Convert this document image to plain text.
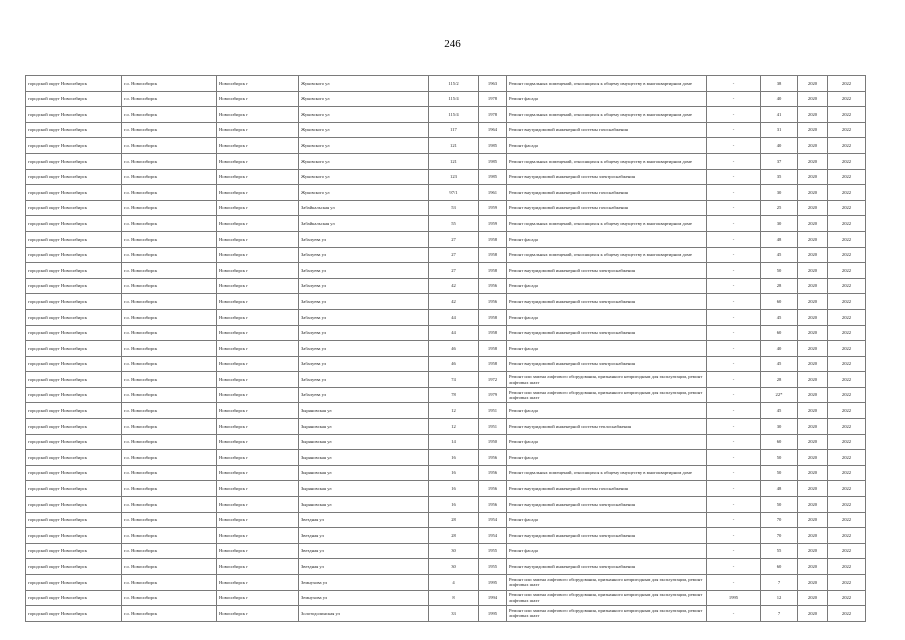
246
городской округ Новосибирск	г.о. Новосибирск	Новосибирск г	Жуковского ул	115/2	1963	Ремонт подвальных помещений, относящихся к общему имуществу в многоквартирном доме	-	38	2020	2022
городской округ Новосибирск	г.о. Новосибирск	Новосибирск г	Жуковского ул	115/4	1978	Ремонт фасада	-	40	2020	2022
городской округ Новосибирск	г.о. Новосибирск	Новосибирск г	Жуковского ул	115/4	1978	Ремонт подвальных помещений, относящихся к общему имуществу в многоквартирном доме	-	41	2020	2022
городской округ Новосибирск	г.о. Новосибирск	Новосибирск г	Жуковского ул	117	1964	Ремонт внутридомовой инженерной системы газоснабжения	-	31	2020	2022
городской округ Новосибирск	г.о. Новосибирск	Новосибирск г	Жуковского ул	121	1985	Ремонт фасада	-	40	2020	2022
городской округ Новосибирск	г.о. Новосибирск	Новосибирск г	Жуковского ул	121	1985	Ремонт подвальных помещений, относящихся к общему имуществу в многоквартирном доме	-	37	2020	2022
городской округ Новосибирск	г.о. Новосибирск	Новосибирск г	Жуковского ул	123	1985	Ремонт внутридомовой инженерной системы электроснабжения	-	35	2020	2022
городской округ Новосибирск	г.о. Новосибирск	Новосибирск г	Жуковского ул	97/1	1961	Ремонт внутридомовой инженерной системы газоснабжения	-	30	2020	2022
городской округ Новосибирск	г.о. Новосибирск	Новосибирск г	Забайкальская ул	53	1959	Ремонт внутридомовой инженерной системы газоснабжения	-	25	2020	2022
городской округ Новосибирск	г.о. Новосибирск	Новосибирск г	Забайкальская ул	55	1959	Ремонт подвальных помещений, относящихся к общему имуществу в многоквартирном доме	-	30	2020	2022
городской округ Новосибирск	г.о. Новосибирск	Новосибирск г	Забалуева ул	27	1958	Ремонт фасада	-	48	2020	2022
городской округ Новосибирск	г.о. Новосибирск	Новосибирск г	Забалуева ул	27	1958	Ремонт подвальных помещений, относящихся к общему имуществу в многоквартирном доме	-	45	2020	2022
городской округ Новосибирск	г.о. Новосибирск	Новосибирск г	Забалуева ул	27	1958	Ремонт внутридомовой инженерной системы электроснабжения	-	50	2020	2022
городской округ Новосибирск	г.о. Новосибирск	Новосибирск г	Забалуева ул	42	1956	Ремонт фасада	-	28	2020	2022
городской округ Новосибирск	г.о. Новосибирск	Новосибирск г	Забалуева ул	42	1956	Ремонт внутридомовой инженерной системы электроснабжения	-	60	2020	2022
городской округ Новосибирск	г.о. Новосибирск	Новосибирск г	Забалуева ул	44	1958	Ремонт фасада	-	45	2020	2022
городской округ Новосибирск	г.о. Новосибирск	Новосибирск г	Забалуева ул	44	1958	Ремонт внутридомовой инженерной системы электроснабжения	-	60	2020	2022
городской округ Новосибирск	г.о. Новосибирск	Новосибирск г	Забалуева ул	46	1958	Ремонт фасада	-	40	2020	2022
городской округ Новосибирск	г.о. Новосибирск	Новосибирск г	Забалуева ул	46	1958	Ремонт внутридомовой инженерной системы электроснабжения	-	45	2020	2022
городской округ Новосибирск	г.о. Новосибирск	Новосибирск г	Забалуева ул	74	1972	Ремонт или замена лифтового оборудования, признанного непригодным для эксплуатации, ремонт лифтовых шахт	-	28	2020	2022
городской округ Новосибирск	г.о. Новосибирск	Новосибирск г	Забалуева ул	78	1979	Ремонт или замена лифтового оборудования, признанного непригодным для эксплуатации, ремонт лифтовых шахт	-	22*	2020	2022
городской округ Новосибирск	г.о. Новосибирск	Новосибирск г	Зыряновская ул	12	1951	Ремонт фасада	-	45	2020	2022
городской округ Новосибирск	г.о. Новосибирск	Новосибирск г	Зыряновская ул	12	1951	Ремонт внутридомовой инженерной системы теплоснабжения	-	30	2020	2022
городской округ Новосибирск	г.о. Новосибирск	Новосибирск г	Зыряновская ул	14	1950	Ремонт фасада	-	60	2020	2022
городской округ Новосибирск	г.о. Новосибирск	Новосибирск г	Зыряновская ул	16	1956	Ремонт фасада	-	50	2020	2022
городской округ Новосибирск	г.о. Новосибирск	Новосибирск г	Зыряновская ул	16	1956	Ремонт подвальных помещений, относящихся к общему имуществу в многоквартирном доме	-	50	2020	2022
городской округ Новосибирск	г.о. Новосибирск	Новосибирск г	Зыряновская ул	16	1956	Ремонт внутридомовой инженерной системы газоснабжения	-	48	2020	2022
городской округ Новосибирск	г.о. Новосибирск	Новосибирск г	Зыряновская ул	16	1956	Ремонт внутридомовой инженерной системы электроснабжения	-	50	2020	2022
городской округ Новосибирск	г.о. Новосибирск	Новосибирск г	Звездная ул	28	1954	Ремонт фасада	-	70	2020	2022
городской округ Новосибирск	г.о. Новосибирск	Новосибирск г	Звездная ул	28	1954	Ремонт внутридомовой инженерной системы электроснабжения	-	70	2020	2022
городской округ Новосибирск	г.о. Новосибирск	Новосибирск г	Звездная ул	30	1955	Ремонт фасада	-	55	2020	2022
городской округ Новосибирск	г.о. Новосибирск	Новосибирск г	Звездная ул	30	1955	Ремонт внутридомовой инженерной системы электроснабжения	-	60	2020	2022
городской округ Новосибирск	г.о. Новосибирск	Новосибирск г	Земнухова ул	4	1995	Ремонт или замена лифтового оборудования, признанного непригодным для эксплуатации, ремонт лифтовых шахт	-	7	2020	2022
городской округ Новосибирск	г.о. Новосибирск	Новосибирск г	Земнухова ул	8	1994	Ремонт или замена лифтового оборудования, признанного непригодным для эксплуатации, ремонт лифтовых шахт	1995	12	2020	2022
городской округ Новосибирск	г.о. Новосибирск	Новосибирск г	Золотодолинская ул	33	1995	Ремонт или замена лифтового оборудования, признанного непригодным для эксплуатации, ремонт лифтовых шахт	-	7	2020	2022
